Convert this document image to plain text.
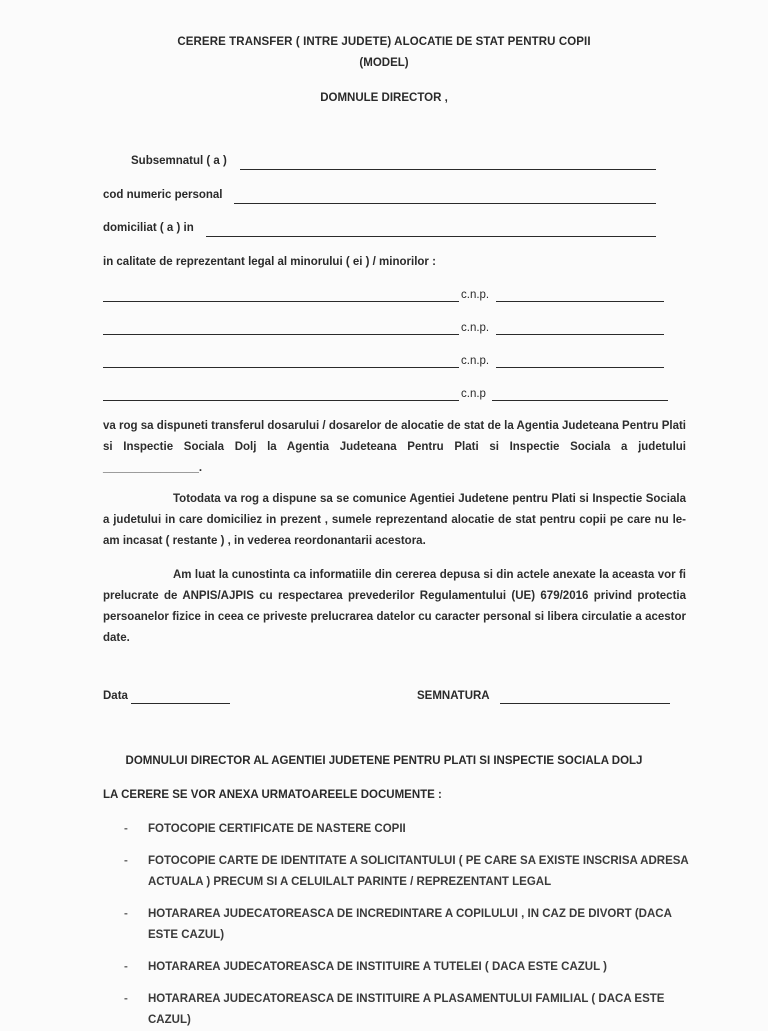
CERERE TRANSFER ( INTRE JUDETE) ALOCATIE DE STAT PENTRU COPII
(MODEL)
DOMNULE DIRECTOR ,
Subsemnatul ( a )
cod numeric personal
domiciliat ( a ) in
in calitate de reprezentant legal al minorului ( ei ) / minorilor :
c.n.p.
c.n.p.
c.n.p.
c.n.p
va rog sa dispuneti transferul dosarului / dosarelor de alocatie de stat de la Agentia Judeteana Pentru Plati si Inspectie Sociala Dolj la Agentia Judeteana Pentru Plati si Inspectie Sociala a judetului _______________.
Totodata va rog a dispune sa se comunice Agentiei Judetene pentru Plati si Inspectie Sociala a judetului in care domiciliez in prezent , sumele reprezentand alocatie de stat pentru copii pe care nu le-am incasat ( restante ) , in vederea reordonantarii acestora.
Am luat la cunostinta ca informatiile din cererea depusa si din actele anexate la aceasta vor fi prelucrate de ANPIS/AJPIS cu respectarea prevederilor Regulamentului (UE) 679/2016 privind protectia persoanelor fizice in ceea ce priveste prelucrarea datelor cu caracter personal si libera circulatie a acestor date.
Data	SEMNATURA
DOMNULUI DIRECTOR AL AGENTIEI JUDETENE PENTRU PLATI SI INSPECTIE SOCIALA DOLJ
LA CERERE SE VOR ANEXA URMATOAREELE DOCUMENTE :
- FOTOCOPIE CERTIFICATE DE NASTERE COPII
- FOTOCOPIE CARTE DE IDENTITATE A SOLICITANTULUI ( PE CARE SA EXISTE INSCRISA ADRESA ACTUALA ) PRECUM SI A CELUILALT PARINTE / REPREZENTANT LEGAL
- HOTARAREA JUDECATOREASCA DE INCREDINTARE A COPILULUI , IN CAZ DE DIVORT (DACA ESTE CAZUL)
- HOTARAREA JUDECATOREASCA DE INSTITUIRE A TUTELEI ( DACA ESTE CAZUL )
- HOTARAREA JUDECATOREASCA DE INSTITUIRE A PLASAMENTULUI FAMILIAL ( DACA ESTE CAZUL)
